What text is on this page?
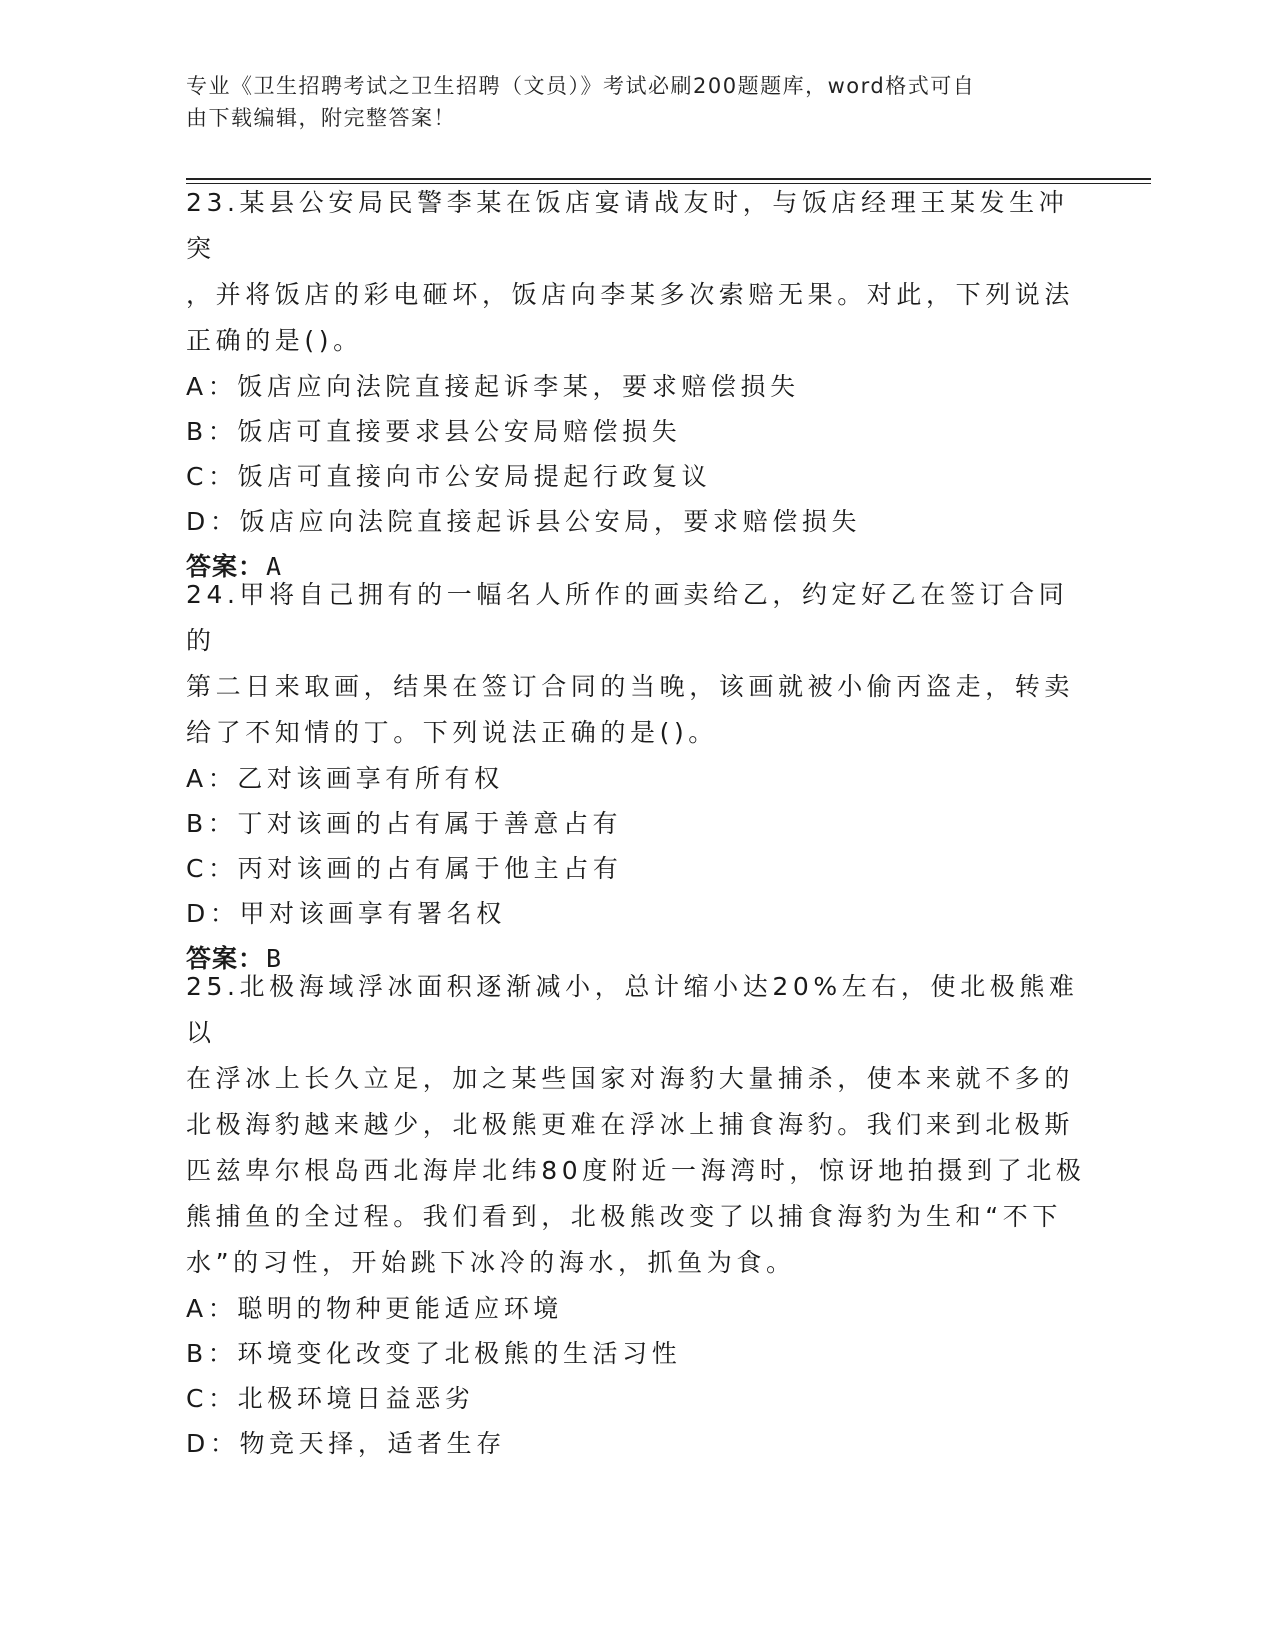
专业《卫生招聘考试之卫生招聘（文员）》考试必刷200题题库，word格式可自
由下载编辑，附完整答案！
23.某县公安局民警李某在饭店宴请战友时，与饭店经理王某发生冲突
，并将饭店的彩电砸坏，饭店向李某多次索赔无果。对此，下列说法
正确的是()。
A：饭店应向法院直接起诉李某，要求赔偿损失
B：饭店可直接要求县公安局赔偿损失
C：饭店可直接向市公安局提起行政复议
D：饭店应向法院直接起诉县公安局，要求赔偿损失
答案：A
24.甲将自己拥有的一幅名人所作的画卖给乙，约定好乙在签订合同的
第二日来取画，结果在签订合同的当晚，该画就被小偷丙盗走，转卖
给了不知情的丁。下列说法正确的是()。
A：乙对该画享有所有权
B：丁对该画的占有属于善意占有
C：丙对该画的占有属于他主占有
D：甲对该画享有署名权
答案：B
25.北极海域浮冰面积逐渐减小，总计缩小达20%左右，使北极熊难以
在浮冰上长久立足，加之某些国家对海豹大量捕杀，使本来就不多的
北极海豹越来越少，北极熊更难在浮冰上捕食海豹。我们来到北极斯
匹兹卑尔根岛西北海岸北纬80度附近一海湾时，惊讶地拍摄到了北极
熊捕鱼的全过程。我们看到，北极熊改变了以捕食海豹为生和“不下
水”的习性，开始跳下冰冷的海水，抓鱼为食。
A：聪明的物种更能适应环境
B：环境变化改变了北极熊的生活习性
C：北极环境日益恶劣
D：物竞天择，适者生存
